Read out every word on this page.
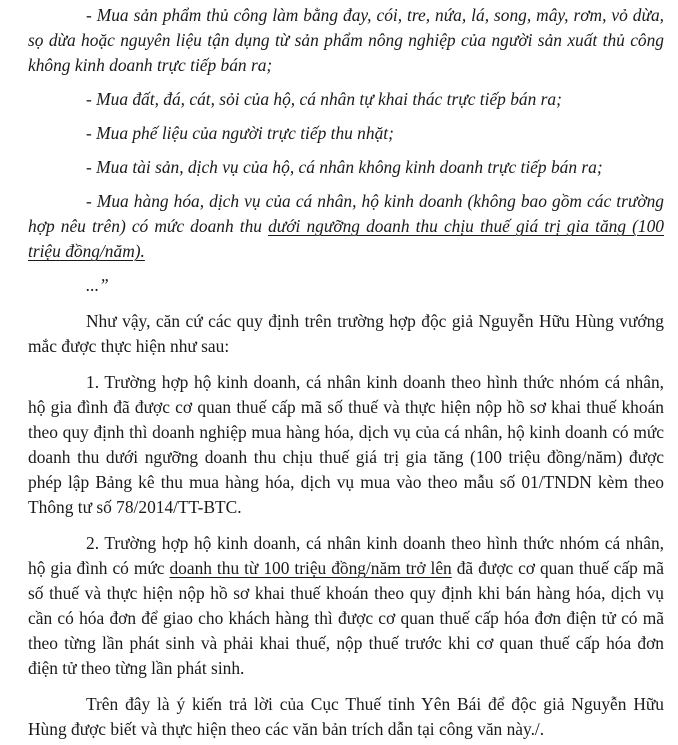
- Mua sản phẩm thủ công làm bằng đay, cói, tre, nứa, lá, song, mây, rơm, vỏ dừa, sọ dừa hoặc nguyên liệu tận dụng từ sản phẩm nông nghiệp của người sản xuất thủ công không kinh doanh trực tiếp bán ra;

- Mua đất, đá, cát, sỏi của hộ, cá nhân tự khai thác trực tiếp bán ra;

- Mua phế liệu của người trực tiếp thu nhặt;

- Mua tài sản, dịch vụ của hộ, cá nhân không kinh doanh trực tiếp bán ra;

- Mua hàng hóa, dịch vụ của cá nhân, hộ kinh doanh (không bao gồm các trường hợp nêu trên) có mức doanh thu dưới ngưỡng doanh thu chịu thuế giá trị gia tăng (100 triệu đồng/năm).

...”

Như vậy, căn cứ các quy định trên trường hợp độc giả Nguyễn Hữu Hùng vướng mắc được thực hiện như sau:

1. Trường hợp hộ kinh doanh, cá nhân kinh doanh theo hình thức nhóm cá nhân, hộ gia đình đã được cơ quan thuế cấp mã số thuế và thực hiện nộp hồ sơ khai thuế khoán theo quy định thì doanh nghiệp mua hàng hóa, dịch vụ của cá nhân, hộ kinh doanh có mức doanh thu dưới ngưỡng doanh thu chịu thuế giá trị gia tăng (100 triệu đồng/năm) được phép lập Bảng kê thu mua hàng hóa, dịch vụ mua vào theo mẫu số 01/TNDN kèm theo Thông tư số 78/2014/TT-BTC.

2. Trường hợp hộ kinh doanh, cá nhân kinh doanh theo hình thức nhóm cá nhân, hộ gia đình có mức doanh thu từ 100 triệu đồng/năm trở lên đã được cơ quan thuế cấp mã số thuế và thực hiện nộp hồ sơ khai thuế khoán theo quy định khi bán hàng hóa, dịch vụ cần có hóa đơn để giao cho khách hàng thì được cơ quan thuế cấp hóa đơn điện tử có mã theo từng lần phát sinh và phải khai thuế, nộp thuế trước khi cơ quan thuế cấp hóa đơn điện tử theo từng lần phát sinh.

Trên đây là ý kiến trả lời của Cục Thuế tỉnh Yên Bái để độc giả Nguyễn Hữu Hùng được biết và thực hiện theo các văn bản trích dẫn tại công văn này./.
